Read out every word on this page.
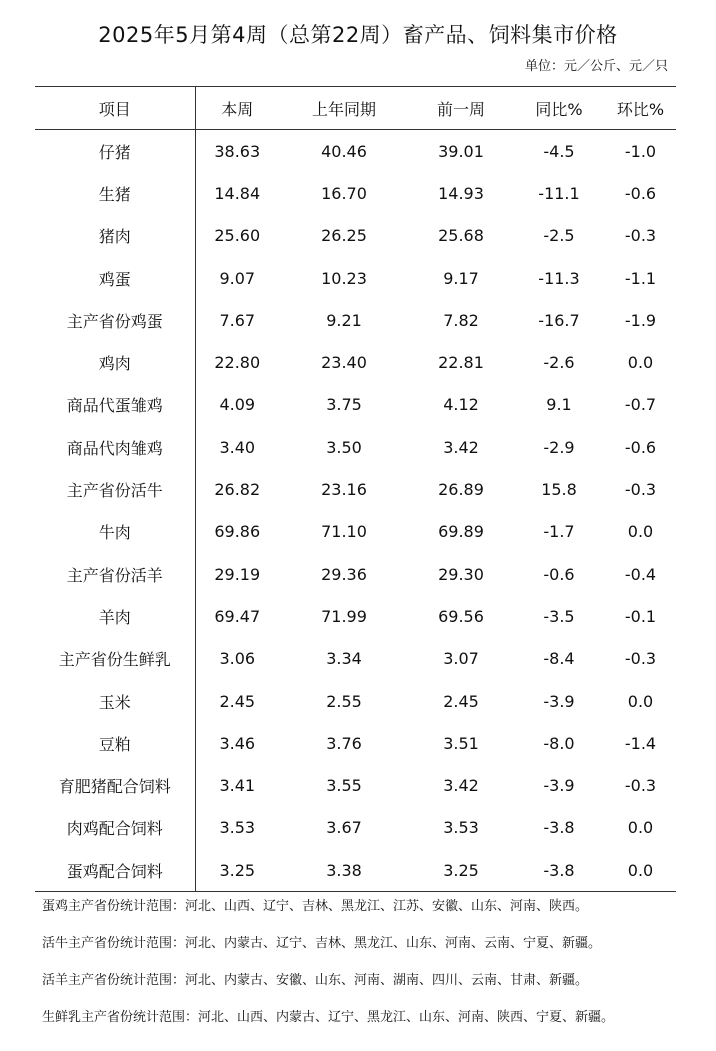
2025年5月第4周（总第22周）畜产品、饲料集市价格
单位：元／公斤、元／只
项目	本周	上年同期	前一周	同比%	环比%
仔猪	38.63	40.46	39.01	-4.5	-1.0
生猪	14.84	16.70	14.93	-11.1	-0.6
猪肉	25.60	26.25	25.68	-2.5	-0.3
鸡蛋	9.07	10.23	9.17	-11.3	-1.1
主产省份鸡蛋	7.67	9.21	7.82	-16.7	-1.9
鸡肉	22.80	23.40	22.81	-2.6	0.0
商品代蛋雏鸡	4.09	3.75	4.12	9.1	-0.7
商品代肉雏鸡	3.40	3.50	3.42	-2.9	-0.6
主产省份活牛	26.82	23.16	26.89	15.8	-0.3
牛肉	69.86	71.10	69.89	-1.7	0.0
主产省份活羊	29.19	29.36	29.30	-0.6	-0.4
羊肉	69.47	71.99	69.56	-3.5	-0.1
主产省份生鲜乳	3.06	3.34	3.07	-8.4	-0.3
玉米	2.45	2.55	2.45	-3.9	0.0
豆粕	3.46	3.76	3.51	-8.0	-1.4
育肥猪配合饲料	3.41	3.55	3.42	-3.9	-0.3
肉鸡配合饲料	3.53	3.67	3.53	-3.8	0.0
蛋鸡配合饲料	3.25	3.38	3.25	-3.8	0.0

蛋鸡主产省份统计范围：河北、山西、辽宁、吉林、黑龙江、江苏、安徽、山东、河南、陕西。

活牛主产省份统计范围：河北、内蒙古、辽宁、吉林、黑龙江、山东、河南、云南、宁夏、新疆。

活羊主产省份统计范围：河北、内蒙古、安徽、山东、河南、湖南、四川、云南、甘肃、新疆。

生鲜乳主产省份统计范围：河北、山西、内蒙古、辽宁、黑龙江、山东、河南、陕西、宁夏、新疆。
